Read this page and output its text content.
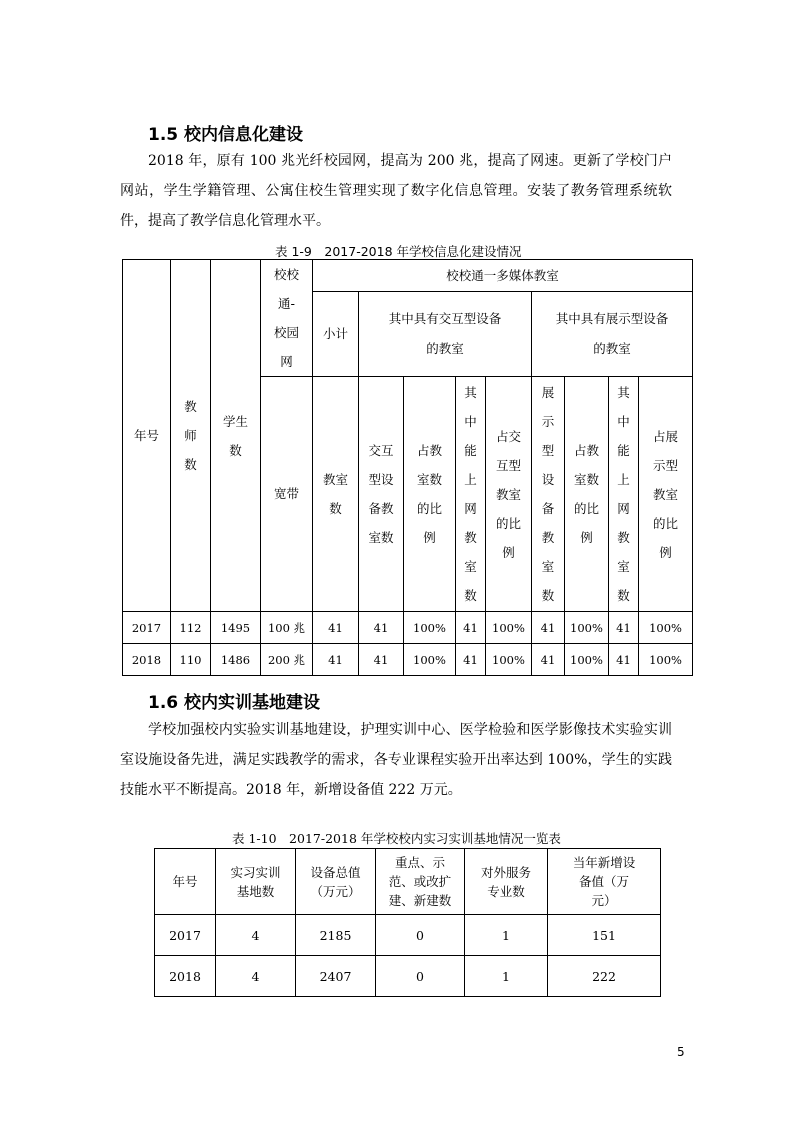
1.5 校内信息化建设

2018 年，原有 100 兆光纤校园网，提高为 200 兆，提高了网速。更新了学校门户网站，学生学籍管理、公寓住校生管理实现了数字化信息管理。安装了教务管理系统软件，提高了教学信息化管理水平。

表 1-9　2017-2018 年学校信息化建设情况
年号	教师数	学生数	校校通-校园网	校校通一多媒体教室								
				小计	其中具有交互型设备的教室				其中具有展示型设备的教室			

			宽带	教室数	交互型设备教室数	占教室数的比例	其中能上网教室数	占交互型教室的比例	展示型设备教室数	占教室数的比例	其中能上网教室数	占展示型教室的比例
2017	112	1495	100 兆	41	41	100%	41	100%	41	100%	41	100%
2018	110	1486	200 兆	41	41	100%	41	100%	41	100%	41	100%
1.6 校内实训基地建设

学校加强校内实验实训基地建设，护理实训中心、医学检验和医学影像技术实验实训室设施设备先进，满足实践教学的需求，各专业课程实验开出率达到 100%，学生的实践技能水平不断提高。2018 年，新增设备值 222 万元。

表 1-10　2017-2018 年学校校内实习实训基地情况一览表
年号	实习实训基地数	设备总值（万元）	重点、示范、或改扩建、新建数	对外服务专业数	当年新增设备值（万元）
2017	4	2185	0	1	151
2018	4	2407	0	1	222
5
